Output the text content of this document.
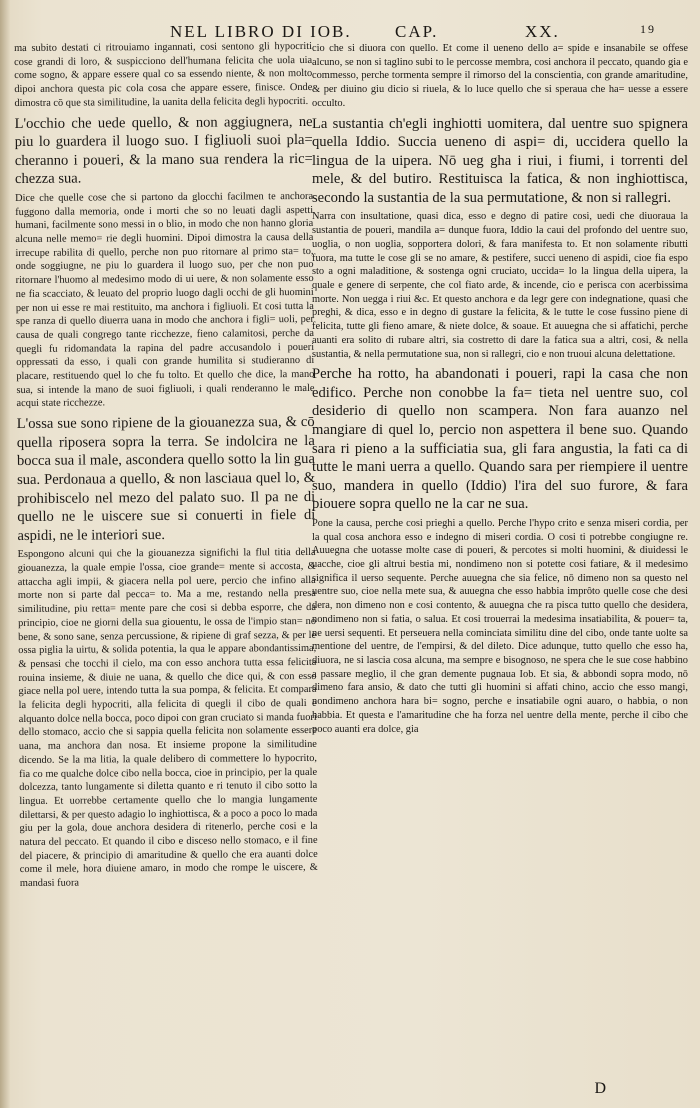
NEL LIBRO DI IOB.	CAP.	XX.	19

ma subito destati ci ritrouiamo ingannati, cosi sentono gli hypocriti cose grandi di loro, & suspicciono dell'humana felicita che uola uia come sogno, & appare essere qual co sa essendo niente, & non molto dipoi anchora questa pic cola cosa che appare essere, finisce. Onde dimostra cō que sta similitudine, la uanita della felicita degli hypocriti.

L'occhio che uede quello, & non aggiugnera, ne piu lo guardera il luogo suo. I figliuoli suoi pla= cheranno i poueri, & la mano sua rendera la ric= chezza sua.

Dice che quelle cose che si partono da glocchi facilmen te anchora fuggono dalla memoria, onde i morti che so no leuati dagli aspetti humani, facilmente sono messi in o blio, in modo che non hanno gloria alcuna nelle memo= rie degli huomini. Dipoi dimostra la causa della irrecupe rabilita di quello, perche non puo ritornare al primo sta= to, onde soggiugne, ne piu lo guardera il luogo suo, per che non puo ritornare l'huomo al medesimo modo di ui uere, & non solamente esso ne fia scacciato, & leuato del proprio luogo dagli occhi de gli huomini per non ui esse re mai restituito, ma anchora i figliuoli. Et cosi tutta la spe ranza di quello diuerra uana in modo che anchora i figli= uoli, per causa de quali congrego tante ricchezze, fieno calamitosi, perche da quegli fu ridomandata la rapina del padre accusandolo i poueri oppressati da esso, i quali con grande humilita si studieranno di placare, restituendo quel lo che fu tolto. Et quello che dice, la mano sua, si intende la mano de suoi figliuoli, i quali renderanno le male acqui state ricchezze.

L'ossa sue sono ripiene de la giouanezza sua, & cō quella riposera sopra la terra. Se indolcira ne la bocca sua il male, ascondera quello sotto la lin gua sua. Perdonaua a quello, & non lasciaua quel lo, & prohibiscelo nel mezo del palato suo. Il pa ne di quello ne le uiscere sue si conuerti in fiele di aspidi, ne le interiori sue.

Espongono alcuni qui che la giouanezza significhi la flul titia della giouanezza, la quale empie l'ossa, cioe grande= mente si accosta, & attaccha agli impii, & giacera nella pol uere, percio che infino alla morte non si parte dal pecca= to. Ma a me, restando nella presa similitudine, piu retta= mente pare che cosi si debba esporre, che da principio, cioe ne giorni della sua giouentu, le ossa de l'impio stan= no bene, & sono sane, senza percussione, & ripiene di graf sezza, & per le ossa piglia la uirtu, & solida potentia, la qua le appare abondantissima, & pensasi che tocchi il cielo, ma con esso anchora tutta essa felicita rouina insieme, & diuie ne uana, & quello che dice qui, & con esso giace nella pol uere, intendo tutta la sua pompa, & felicita. Et compara la felicita degli hypocriti, alla felicita di quegli il cibo de quali e alquanto dolce nella bocca, poco dipoi con gran cruciato si manda fuori dello stomaco, accio che si sappia quella felicita non solamente essere uana, ma anchora dan nosa. Et insieme propone la similitudine dicendo. Se la ma litia, la quale delibero di commettere lo hypocrito, fia co me qualche dolce cibo nella bocca, cioe in principio, per la quale dolcezza, tanto lungamente si diletta quanto e ri tenuto il cibo sotto la lingua. Et uorrebbe certamente quello che lo mangia lungamente dilettarsi, & per questo adagio lo inghiottisca, & a poco a poco lo mada giu per la gola, doue anchora desidera di ritenerlo, perche cosi e la natura del peccato. Et quando il cibo e disceso nello stomaco, e il fine del piacere, & principio di amaritudine & quello che era auanti dolce come il mele, hora diuiene amaro, in modo che rompe le uiscere, & mandasi fuora

cio che si diuora con quello. Et come il ueneno dello a= spide e insanabile se offese alcuno, se non si taglino subi to le percosse membra, cosi anchora il peccato, quando gia e commesso, perche tormenta sempre il rimorso del la conscientia, con grande amaritudine, & per diuino giu dicio si riuela, & lo luce quello che si speraua che ha= uesse a essere occulto.

La sustantia ch'egli inghiotti uomitera, dal uentre suo spignera quella Iddio. Succia ueneno di aspi= di, uccidera quello la lingua de la uipera. Nō ueg gha i riui, i fiumi, i torrenti del mele, & del butiro. Restituisca la fatica, & non inghiottisca, secondo la sustantia de la sua permutatione, & non si rallegri.

Narra con insultatione, quasi dica, esso e degno di patire cosi, uedi che diuoraua la sustantia de poueri, mandila a= dunque fuora, Iddio la caui del profondo del uentre suo, uoglia, o non uoglia, sopportera dolori, & fara manifesta to. Et non solamente ributti fuora, ma tutte le cose gli se no amare, & pestifere, succi ueneno di aspidi, cioe fia espo sto a ogni maladitione, & sostenga ogni cruciato, uccida= lo la lingua della uipera, la quale e genere di serpente, che col fiato arde, & incende, cio e perisca con acerbissima morte. Non uegga i riui &c. Et questo anchora e da legr gere con indegnatione, quasi che preghi, & dica, esso e in degno di gustare la felicita, & le tutte le cose fussino piene di felicita, tutte gli fieno amare, & niete dolce, & soaue. Et auuegna che si affatichi, perche auanti era solito di rubare altri, sia costretto di dare la fatica sua a altri, cosi, & nella sustantia, & nella permutatione sua, non si rallegri, cio e non truoui alcuna delettatione.

Perche ha rotto, ha abandonati i poueri, rapi la casa che non edifico. Perche non conobbe la fa= tieta nel uentre suo, col desiderio di quello non scampera. Non fara auanzo nel mangiare di quel lo, percio non aspettera il bene suo. Quando sara ri pieno a la sufficiatia sua, gli fara angustia, la fati ca di tutte le mani uerra a quello. Quando sara per riempiere il uentre suo, mandera in quello (Iddio) l'ira del suo furore, & fara piouere sopra quello ne la car ne sua.

Pone la causa, perche cosi prieghi a quello. Perche l'hypo crito e senza miseri cordia, per la qual cosa anchora esso e indegno di miseri cordia. O cosi ti potrebbe congiugne re. Auuegna che uotasse molte case di poueri, & percotes si molti huomini, & diuidessi le uacche, cioe gli altrui bestia mi, nondimeno non si potette cosi fatiare, & il medesimo significa il uerso sequente. Perche auuegna che sia felice, nō dimeno non sa questo nel uentre suo, cioe nella mete sua, & auuegna che esso habbia imprôto quelle cose che desi dera, non dimeno non e cosi contento, & auuegna che ra pisca tutto quello che desidera, nondimeno non si fatia, o salua. Et cosi trouerrai la medesima insatiabilita, & pouer= ta, ne uersi sequenti. Et perseuera nella cominciata similitu dine del cibo, onde tante uolte sa mentione del uentre, de l'empirsi, & del dileto. Dice adunque, tutto quello che esso ha, diuora, ne si lascia cosa alcuna, ma sempre e bisognoso, ne spera che le sue cose habbino a passare meglio, il che gran demente pugnaua Iob. Et sia, & abbondi sopra modo, nō dimeno fara ansio, & dato che tutti gli huomini si affati chino, accio che esso mangi, nondimeno anchora hara bi= sogno, perche e insatiabile ogni auaro, o habbia, o non habbia. Et questa e l'amaritudine che ha forza nel uentre della mente, perche il cibo che poco auanti era dolce, gia

D
